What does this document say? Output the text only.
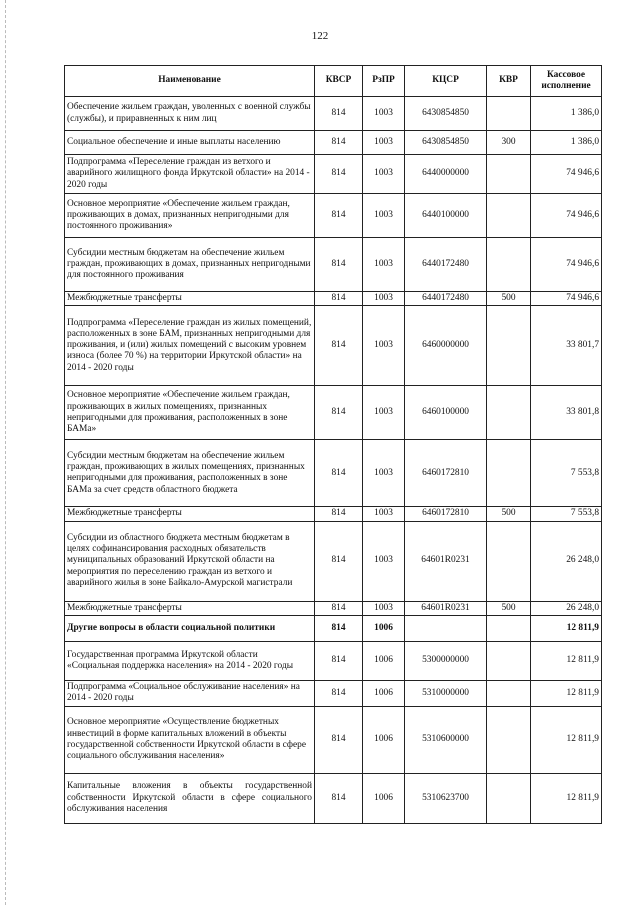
122
Наименование	КВСР	РзПР	КЦСР	КВР	Кассовое исполнение
Обеспечение жильем граждан, уволенных с военной службы (службы), и приравненных к ним лиц	814	1003	6430854850		1 386,0
Социальное обеспечение и иные выплаты населению	814	1003	6430854850	300	1 386,0
Подпрограмма «Переселение граждан из ветхого и аварийного жилищного фонда Иркутской области» на 2014 - 2020 годы	814	1003	6440000000		74 946,6
Основное мероприятие «Обеспечение жильем граждан, проживающих в домах, признанных непригодными для постоянного проживания»	814	1003	6440100000		74 946,6
Субсидии местным бюджетам на обеспечение жильем граждан, проживающих в домах, признанных непригодными для постоянного проживания	814	1003	6440172480		74 946,6
Межбюджетные трансферты	814	1003	6440172480	500	74 946,6
Подпрограмма «Переселение граждан из жилых помещений, расположенных в зоне БАМ, признанных непригодными для проживания, и (или) жилых помещений с высоким уровнем износа (более 70 %) на территории Иркутской области» на 2014 - 2020 годы	814	1003	6460000000		33 801,7
Основное мероприятие «Обеспечение жильем граждан, проживающих в жилых помещениях, признанных непригодными для проживания, расположенных в зоне БАМа»	814	1003	6460100000		33 801,8
Субсидии местным бюджетам на обеспечение жильем граждан, проживающих в жилых помещениях, признанных непригодными для проживания, расположенных в зоне БАМа за счет средств областного бюджета	814	1003	6460172810		7 553,8
Межбюджетные трансферты	814	1003	6460172810	500	7 553,8
Субсидии из областного бюджета местным бюджетам в целях софинансирования расходных обязательств муниципальных образований Иркутской области на мероприятия по переселению граждан из ветхого и аварийного жилья в зоне Байкало-Амурской магистрали	814	1003	64601R0231		26 248,0
Межбюджетные трансферты	814	1003	64601R0231	500	26 248,0
Другие вопросы в области социальной политики	814	1006			12 811,9
Государственная программа Иркутской области «Социальная поддержка населения» на 2014 - 2020 годы	814	1006	5300000000		12 811,9
Подпрограмма «Социальное обслуживание населения» на 2014 - 2020 годы	814	1006	5310000000		12 811,9
Основное мероприятие «Осуществление бюджетных инвестиций в форме капитальных вложений в объекты государственной собственности Иркутской области в сфере социального обслуживания населения»	814	1006	5310600000		12 811,9
Капитальные вложения в объекты государственной собственности Иркутской области в сфере социального обслуживания населения	814	1006	5310623700		12 811,9
